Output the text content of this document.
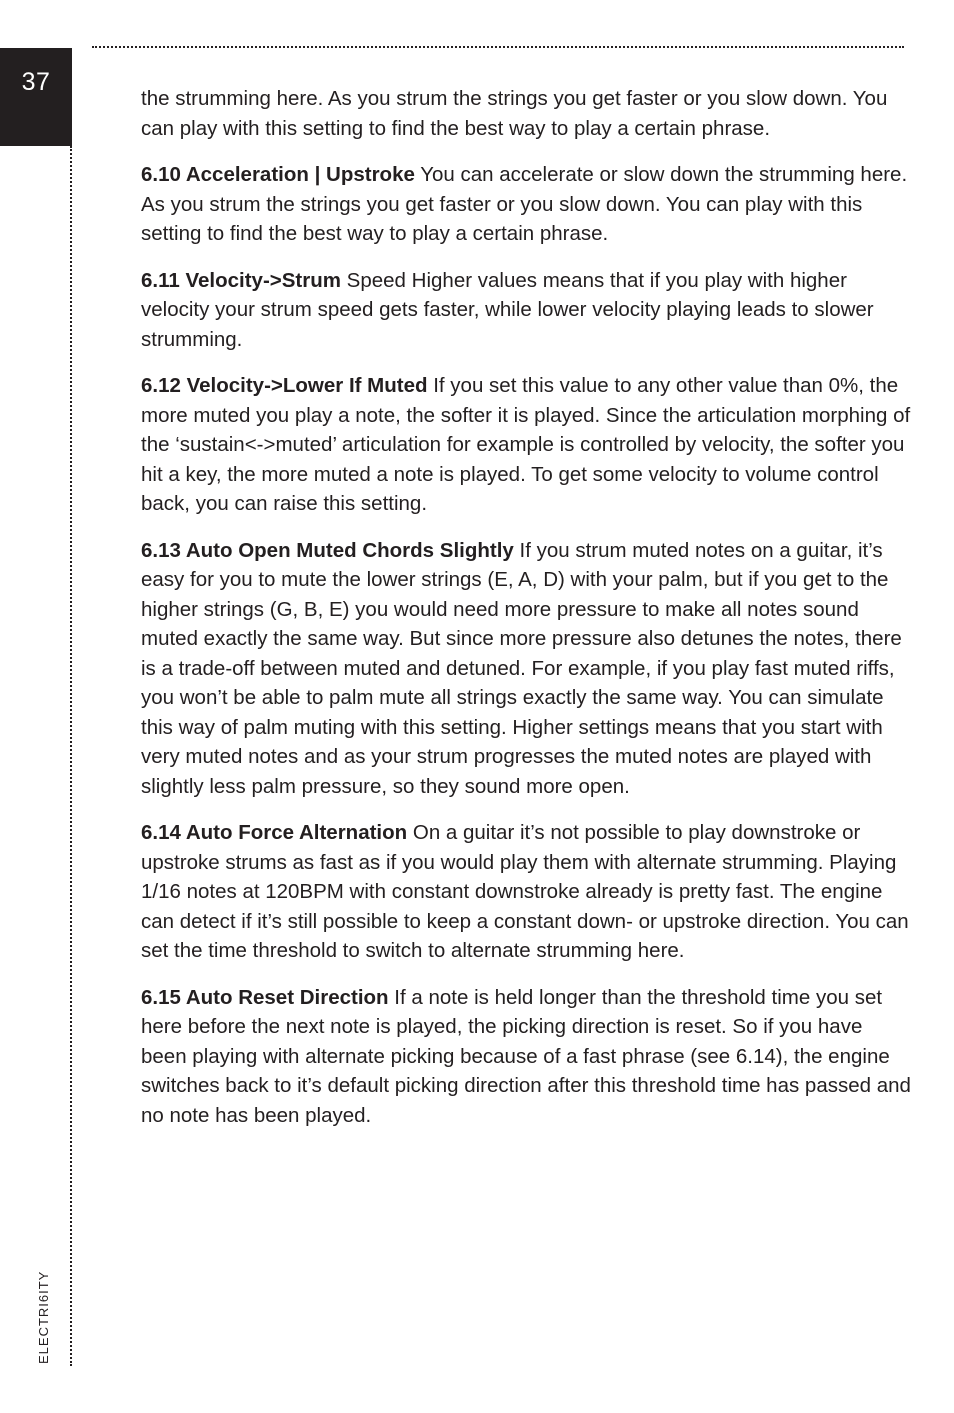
37
ELECTRI6ITY

the strumming here. As you strum the strings you get faster or you slow down. You can play with this setting to find the best way to play a certain phrase.

6.10 Acceleration | Upstroke You can accelerate or slow down the strumming here. As you strum the strings you get faster or you slow down. You can play with this setting to find the best way to play a certain phrase.

6.11 Velocity->Strum Speed Higher values means that if you play with higher velocity your strum speed gets faster, while lower velocity playing leads to slower strumming.

6.12 Velocity->Lower If Muted If you set this value to any other value than 0%, the more muted you play a note, the softer it is played. Since the articulation morphing of the ‘sustain<->muted’ articulation for example is controlled by velocity, the softer you hit a key, the more muted a note is played. To get some velocity to volume control back, you can raise this setting.

6.13 Auto Open Muted Chords Slightly If you strum muted notes on a guitar, it’s easy for you to mute the lower strings (E, A, D) with your palm, but if you get to the higher strings (G, B, E) you would need more pressure to make all notes sound muted exactly the same way. But since more pressure also detunes the notes, there is a trade-off between muted and detuned. For example, if you play fast muted riffs, you won’t be able to palm mute all strings exactly the same way. You can simulate this way of palm muting with this setting. Higher settings means that you start with very muted notes and as your strum progresses the muted notes are played with slightly less palm pressure, so they sound more open.

6.14 Auto Force Alternation On a guitar it’s not possible to play downstroke or upstroke strums as fast as if you would play them with alternate strumming. Playing 1/16 notes at 120BPM with constant downstroke already is pretty fast. The engine can detect if it’s still possible to keep a constant down- or upstroke direction. You can set the time threshold to switch to alternate strumming here.

6.15 Auto Reset Direction If a note is held longer than the threshold time you set here before the next note is played, the picking direction is reset. So if you have been playing with alternate picking because of a fast phrase (see 6.14), the engine switches back to it’s default picking direction after this threshold time has passed and no note has been played.
